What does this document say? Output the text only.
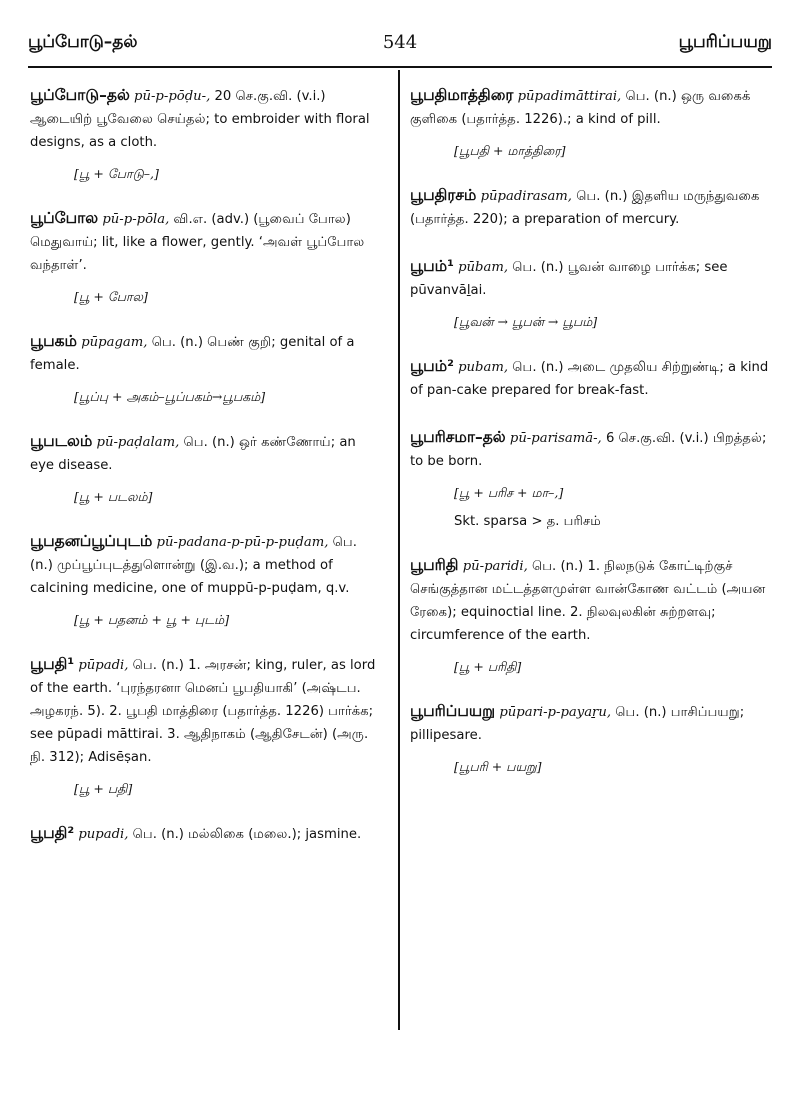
பூப்போடு–தல்	544	பூபரிப்பயறு

பூப்போடு–தல் pū-p-pōḍu-, 20 செ.கு.வி. (v.i.) ஆடையிற் பூவேலை செய்தல்; to embroider with floral designs, as a cloth.

[பூ + போடு–,]

பூப்போல pū-p-pōla, வி.எ. (adv.) (பூவைப் போல) மெதுவாய்; lit, like a flower, gently. ‘அவள் பூப்போல வந்தாள்’.

[பூ + போல]

பூபகம் pūpagam, பெ. (n.) பெண் குறி; genital of a female.

[பூப்பு + அகம்–பூப்பகம்→பூபகம்]

பூபடலம் pū-paḍalam, பெ. (n.) ஒர் கண்ணோய்; an eye disease.

[பூ + படலம்]

பூபதனப்பூப்புடம் pū-padana-p-pū-p-puḍam, பெ. (n.) முப்பூப்புடத்துளொன்று (இ.வ.); a method of calcining medicine, one of muppū-p-puḍam, q.v.

[பூ + பதனம் + பூ + புடம்]

பூபதி¹ pūpadi, பெ. (n.) 1. அரசன்; king, ruler, as lord of the earth. ‘புரந்தரனா மெனப் பூபதியாகி’ (அஷ்டப. அழகரந். 5). 2. பூபதி மாத்திரை (பதார்த்த. 1226) பார்க்க; see pūpadi māttirai. 3. ஆதிநாகம் (ஆதிசேடன்) (அரு. நி. 312); Adisēṣan.

[பூ + பதி]

பூபதி² pupadi, பெ. (n.) மல்லிகை (மலை.); jasmine.

பூபதிமாத்திரை pūpadimāttirai, பெ. (n.) ஒரு வகைக் குளிகை (பதார்த்த. 1226).; a kind of pill.

[பூபதி + மாத்திரை]

பூபதிரசம் pūpadirasam, பெ. (n.) இதளிய மருந்துவகை (பதார்த்த. 220); a preparation of mercury.

பூபம்¹ pūbam, பெ. (n.) பூவன் வாழை பார்க்க; see pūvanvāḻai.

[பூவன் → பூபன் → பூபம்]

பூபம்² pubam, பெ. (n.) அடை முதலிய சிற்றுண்டி; a kind of pan-cake prepared for break-fast.

பூபரிசமா–தல் pū-parisamā-, 6 செ.கு.வி. (v.i.) பிறத்தல்; to be born.

[பூ + பரிச + மா–,]
Skt. sparsa > த. பரிசம்

பூபரிதி pū-paridi, பெ. (n.) 1. நிலநடுக் கோட்டிற்குச் செங்குத்தான மட்டத்தளமுள்ள வான்கோண வட்டம் (அயன ரேகை); equinoctial line. 2. நிலவுலகின் சுற்றளவு; circumference of the earth.

[பூ + பரிதி]

பூபரிப்பயறு pūpari-p-payaṟu, பெ. (n.) பாசிப்பயறு; pillipesare.

[பூபரி + பயறு]
